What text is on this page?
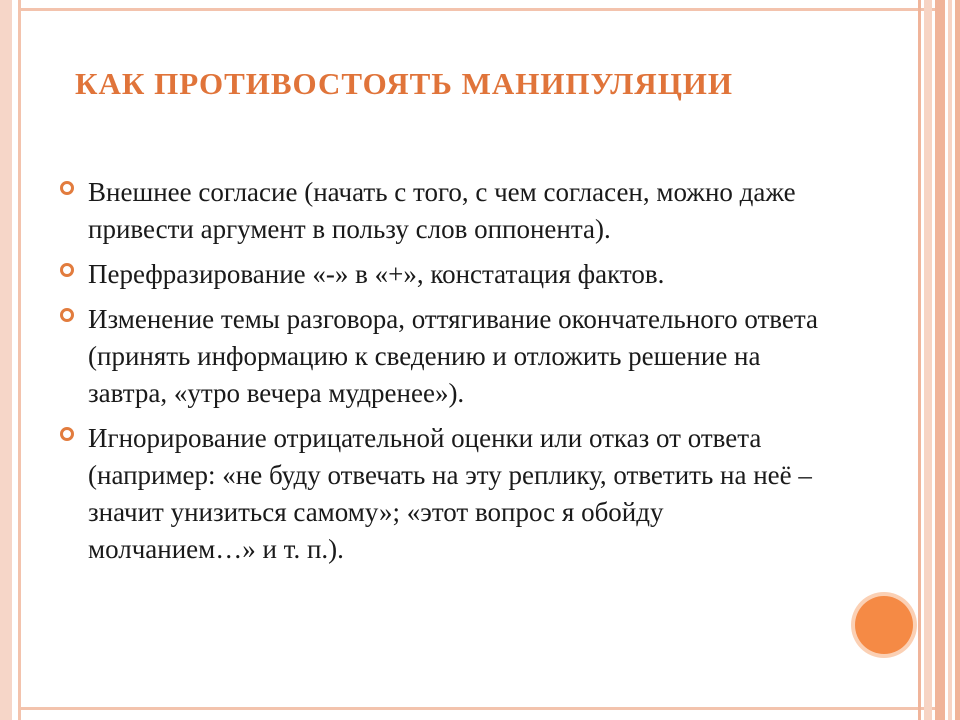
КАК ПРОТИВОСТОЯТЬ МАНИПУЛЯЦИИ
Внешнее согласие (начать с того, с чем согласен, можно даже привести аргумент в пользу слов оппонента).
Перефразирование «-» в «+», констатация фактов.
Изменение темы разговора, оттягивание окончательного ответа (принять информацию к сведению и отложить решение на завтра, «утро вечера мудренее»).
Игнорирование отрицательной оценки или отказ от ответа (например: «не буду отвечать на эту реплику, ответить на неё – значит унизиться самому»; «этот вопрос я обойду молчанием…» и т. п.).
